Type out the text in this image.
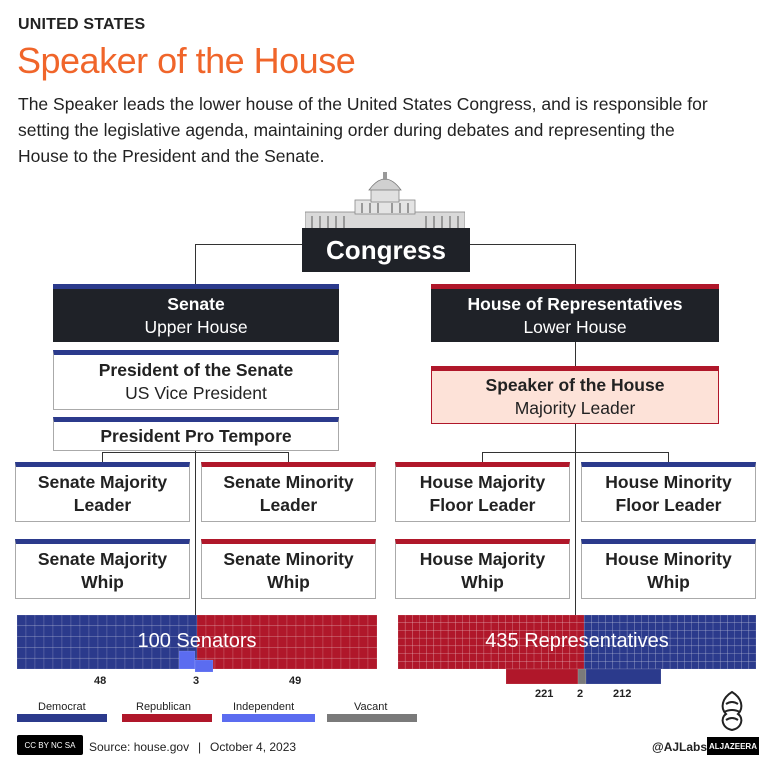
UNITED STATES
Speaker of the House
The Speaker leads the lower house of the United States Congress, and is responsible for setting the legislative agenda, maintaining order during debates and representing the House to the President and the Senate.
Congress
Senate
Upper House
President of the Senate
US Vice President
President Pro Tempore
Senate Majority Leader
Senate Minority Leader
Senate Majority Whip
Senate Minority Whip
House of Representatives
Lower House
Speaker of the House
Majority Leader
House Majority Floor Leader
House Minority Floor Leader
House Majority Whip
House Minority Whip
100 Senators	435 Representatives
48	3	49
221 2	212
Democrat	Republican	Independent	Vacant
CC BY NC SA Source: house.gov | October 4, 2023	@AJLabs ALJAZEERA
